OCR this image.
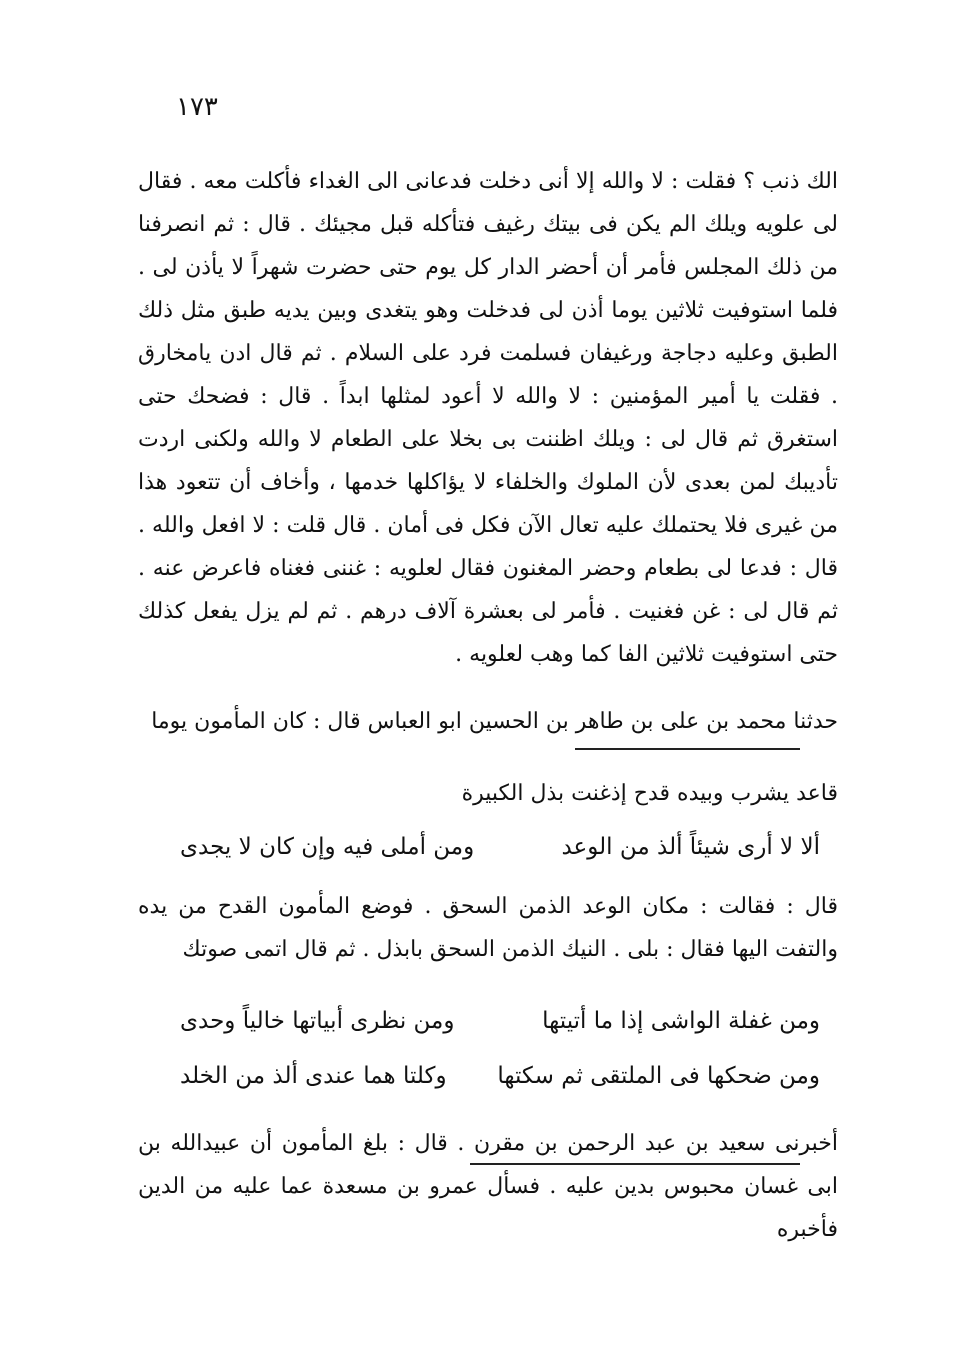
١٧٣

الك ذنب ؟ فقلت : لا والله إلا أنى دخلت فدعانى الى الغداء فأكلت معه . فقال لى علويه ويلك الم يكن فى بيتك رغيف فتأكله قبل مجيئك . قال : ثم انصرفنا من ذلك المجلس فأمر أن أحضر الدار كل يوم حتى حضرت شهراً لا يأذن لى . فلما استوفيت ثلاثين يوما أذن لى فدخلت وهو يتغدى وبين يديه طبق مثل ذلك الطبق وعليه دجاجة ورغيفان فسلمت فرد على السلام . ثم قال ادن يامخارق . فقلت يا أمير المؤمنين : لا والله لا أعود لمثلها ابداً . قال : فضحك حتى استغرق ثم قال لى : ويلك اظننت بى بخلا على الطعام لا والله ولكنى اردت تأديبك لمن بعدى لأن الملوك والخلفاء لا يؤاكلها خدمها ، وأخاف أن تتعود هذا من غيرى فلا يحتملك عليه تعال الآن فكل فى أمان . قال قلت : لا افعل والله . قال : فدعا لى بطعام وحضر المغنون فقال لعلويه : غننى فغناه فاعرض عنه . ثم قال لى : غن فغنيت . فأمر لى بعشرة آلاف درهم . ثم لم يزل يفعل كذلك حتى استوفيت ثلاثين الفا كما وهب لعلويه .

حدثنا محمد بن على بن طاهر بن الحسين ابو العباس قال : كان المأمون يوما
قاعد يشرب وبيده قدح إذغنت بذل الكبيرة
ألا لا أرى شيئاً ألذ من الوعد
ومن أملى فيه وإن كان لا يجدى

قال : فقالت : مكان الوعد الذمن السحق . فوضع المأمون القدح من يده والتفت اليها فقال : بلى . النيك الذمن السحق بابذل . ثم قال اتمى صوتك

ومن غفلة الواشى إذا ما أتيتها
ومن نظرى أبياتها خالياً وحدى
ومن ضحكها فى الملتقى ثم سكتها
وكلتا هما عندى ألذ من الخلد

أخبرنى سعيد بن عبد الرحمن بن مقرن . قال : بلغ المأمون أن عبيدالله بن ابى غسان محبوس بدين عليه . فسأل عمرو بن مسعدة عما عليه من الدين فأخبره
